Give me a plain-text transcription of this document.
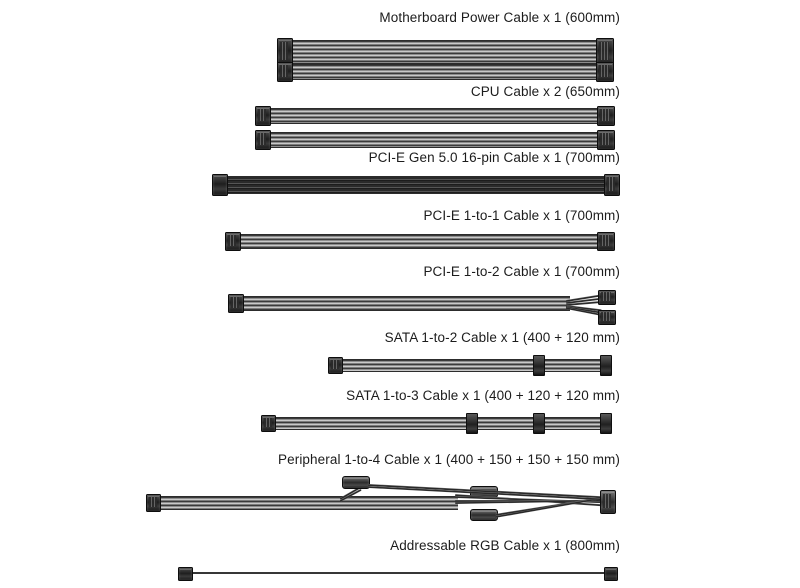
Motherboard Power Cable x 1 (600mm)
CPU Cable x 2 (650mm)
PCI-E Gen 5.0 16-pin Cable x 1 (700mm)
PCI-E 1-to-1 Cable x 1 (700mm)
PCI-E 1-to-2 Cable x 1 (700mm)
SATA 1-to-2 Cable x 1 (400 + 120 mm)
SATA 1-to-3 Cable x 1 (400 + 120 + 120 mm)
Peripheral 1-to-4 Cable x 1 (400 + 150 + 150 + 150 mm)
Addressable RGB Cable x 1 (800mm)
